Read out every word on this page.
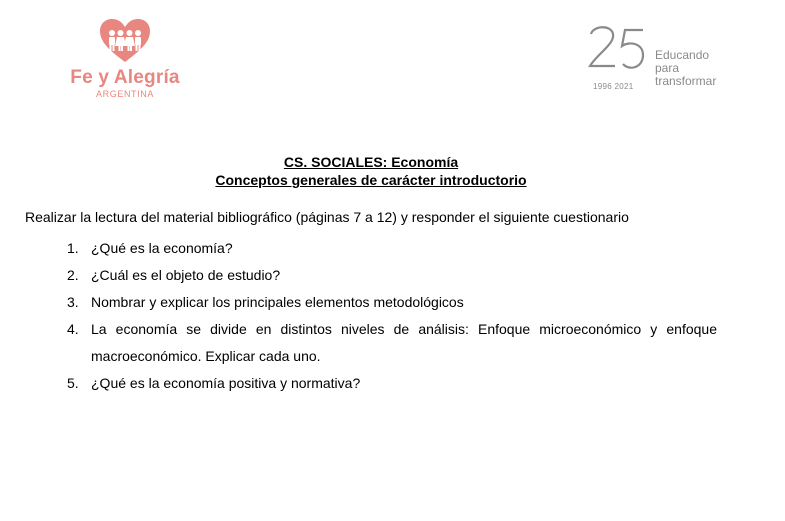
Fe y Alegría
ARGENTINA
1996 2021
Educando
para
transformar
CS. SOCIALES: Economía
Conceptos generales de carácter introductorio
Realizar la lectura del material bibliográfico (páginas 7 a 12) y responder el siguiente cuestionario
1. ¿Qué es la economía?
2. ¿Cuál es el objeto de estudio?
3. Nombrar y explicar los principales elementos metodológicos
4. La economía se divide en distintos niveles de análisis: Enfoque microeconómico y enfoque macroeconómico. Explicar cada uno.
5. ¿Qué es la economía positiva y normativa?
